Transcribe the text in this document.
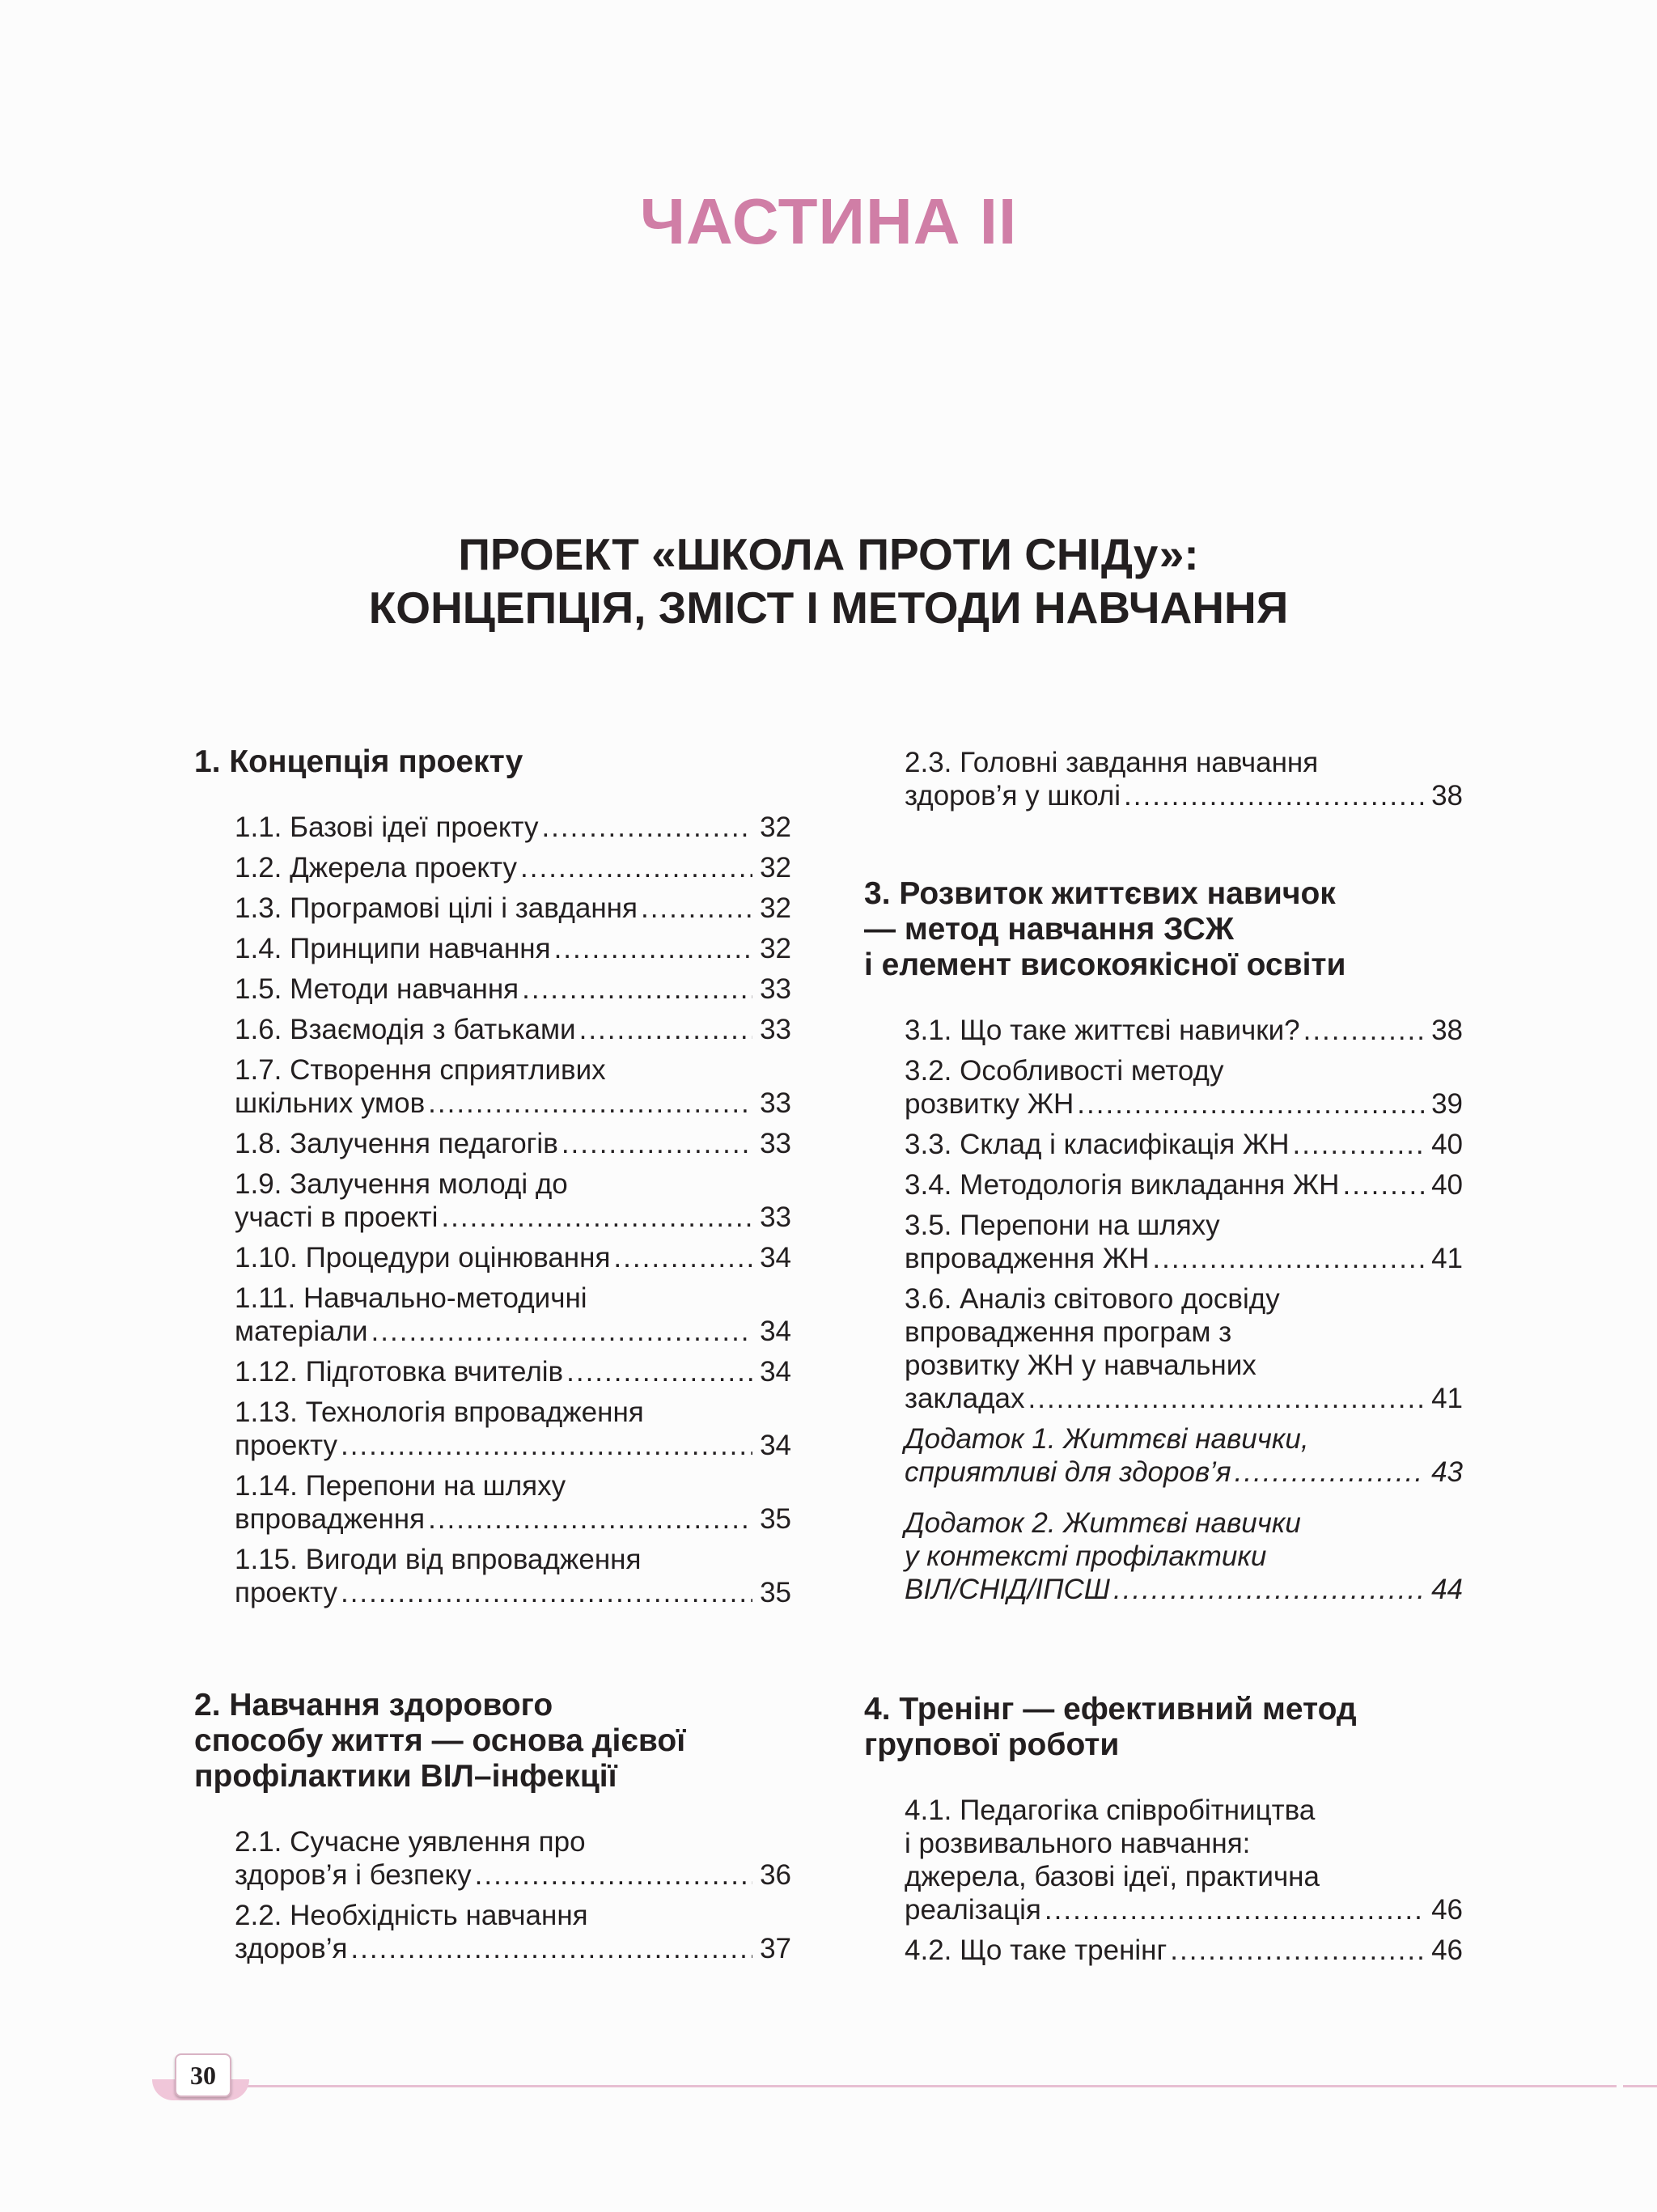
ЧАСТИНА II
ПРОЕКТ «ШКОЛА ПРОТИ СНІДу»:
КОНЦЕПЦІЯ, ЗМІСТ І МЕТОДИ НАВЧАННЯ
1. Концепція проекту
1.1. Базові ідеї проекту .....	32
1.2. Джерела проекту .....	32
1.3. Програмові цілі і завдання .....	32
1.4. Принципи навчання .....	32
1.5. Методи навчання .....	33
1.6. Взаємодія з батьками .....	33
1.7. Створення сприятливих
шкільних умов .....	33
1.8. Залучення педагогів .....	33
1.9. Залучення молоді до
участі в проекті .....	33
1.10. Процедури оцінювання .....	34
1.11. Навчально-методичні
матеріали .....	34
1.12. Підготовка вчителів .....	34
1.13. Технологія впровадження
проекту .....	34
1.14. Перепони на шляху
впровадження .....	35
1.15. Вигоди від впровадження
проекту .....	35
2. Навчання здорового
способу життя — основа дієвої
профілактики ВІЛ–інфекції
2.1. Сучасне уявлення про
здоров’я і безпеку .....	36
2.2. Необхідність навчання
здоров’я .....	37
2.3. Головні завдання навчання
здоров’я у школі .....	38
3. Розвиток життєвих навичок
— метод навчання ЗСЖ
і елемент високоякісної освіти
3.1. Що таке життєві навички? .....	38
3.2. Особливості методу
розвитку ЖН .....	39
3.3. Склад і класифікація ЖН .....	40
3.4. Методологія викладання ЖН .....	40
3.5. Перепони на шляху
впровадження ЖН .....	41
3.6. Аналіз світового досвіду
впровадження програм з
розвитку ЖН у навчальних
закладах .....	41
Додаток 1. Життєві навички,
сприятливі для здоров’я .....	43
Додаток 2. Життєві навички
у контексті профілактики
ВІЛ/СНІД/ІПСШ .....	44
4. Тренінг — ефективний метод
групової роботи
4.1. Педагогіка співробітництва
і розвивального навчання:
джерела, базові ідеї, практична
реалізація .....	46
4.2. Що таке тренінг .....	46
30
